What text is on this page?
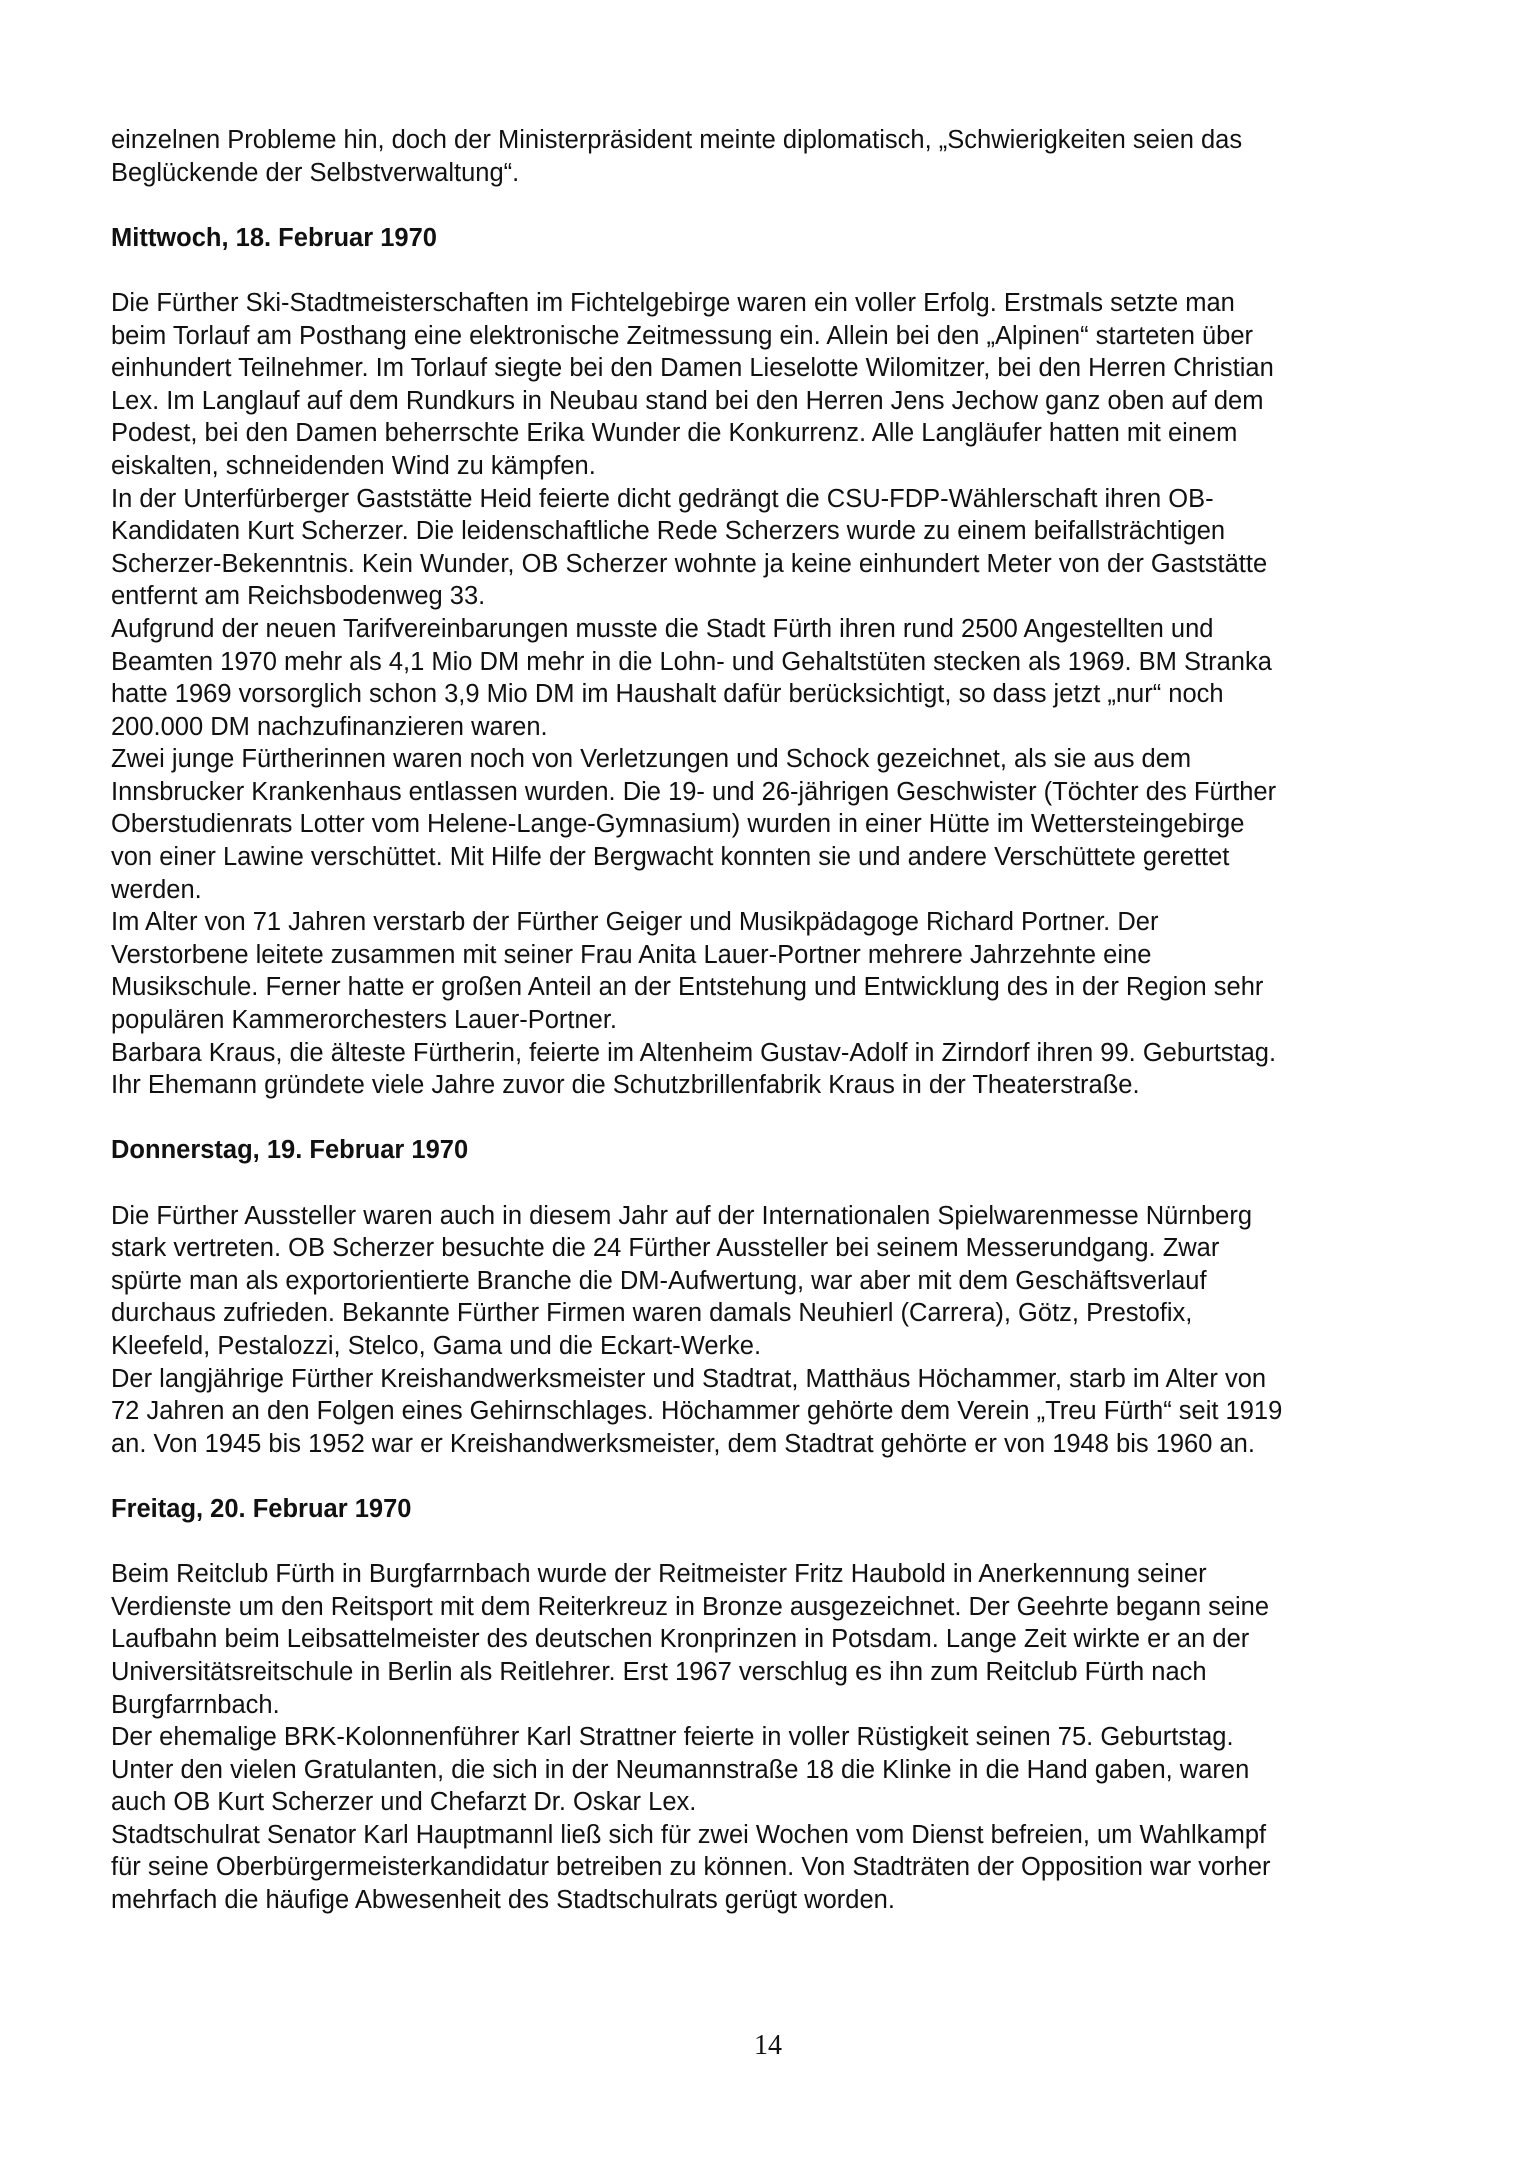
einzelnen Probleme hin, doch der Ministerpräsident meinte diplomatisch, „Schwierigkeiten seien das Beglückende der Selbstverwaltung“.

Mittwoch, 18. Februar 1970

Die Fürther Ski-Stadtmeisterschaften im Fichtelgebirge waren ein voller Erfolg. Erstmals setzte man beim Torlauf am Posthang eine elektronische Zeitmessung ein. Allein bei den „Alpinen“ starteten über einhundert Teilnehmer. Im Torlauf siegte bei den Damen Lieselotte Wilomitzer, bei den Herren Christian Lex. Im Langlauf auf dem Rundkurs in Neubau stand bei den Herren Jens Jechow ganz oben auf dem Podest, bei den Damen beherrschte Erika Wunder die Konkurrenz. Alle Langläufer hatten mit einem eiskalten, schneidenden Wind zu kämpfen.

In der Unterfürberger Gaststätte Heid feierte dicht gedrängt die CSU-FDP-Wählerschaft ihren OB-Kandidaten Kurt Scherzer. Die leidenschaftliche Rede Scherzers wurde zu einem beifallsträchtigen Scherzer-Bekenntnis. Kein Wunder, OB Scherzer wohnte ja keine einhundert Meter von der Gaststätte entfernt am Reichsbodenweg 33.

Aufgrund der neuen Tarifvereinbarungen musste die Stadt Fürth ihren rund 2500 Angestellten und Beamten 1970 mehr als 4,1 Mio DM mehr in die Lohn- und Gehaltstüten stecken als 1969. BM Stranka hatte 1969 vorsorglich schon 3,9 Mio DM im Haushalt dafür berücksichtigt, so dass jetzt „nur“ noch 200.000 DM nachzufinanzieren waren.

Zwei junge Fürtherinnen waren noch von Verletzungen und Schock gezeichnet, als sie aus dem Innsbrucker Krankenhaus entlassen wurden. Die 19- und 26-jährigen Geschwister (Töchter des Fürther Oberstudienrats Lotter vom Helene-Lange-Gymnasium) wurden in einer Hütte im Wettersteingebirge von einer Lawine verschüttet. Mit Hilfe der Bergwacht konnten sie und andere Verschüttete gerettet werden.

Im Alter von 71 Jahren verstarb der Fürther Geiger und Musikpädagoge Richard Portner. Der Verstorbene leitete zusammen mit seiner Frau Anita Lauer-Portner mehrere Jahrzehnte eine Musikschule. Ferner hatte er großen Anteil an der Entstehung und Entwicklung des in der Region sehr populären Kammerorchesters Lauer-Portner.

Barbara Kraus, die älteste Fürtherin, feierte im Altenheim Gustav-Adolf in Zirndorf ihren 99. Geburtstag. Ihr Ehemann gründete viele Jahre zuvor die Schutzbrillenfabrik Kraus in der Theaterstraße.

Donnerstag, 19. Februar 1970

Die Fürther Aussteller waren auch in diesem Jahr auf der Internationalen Spielwarenmesse Nürnberg stark vertreten. OB Scherzer besuchte die 24 Fürther Aussteller bei seinem Messerundgang. Zwar spürte man als exportorientierte Branche die DM-Aufwertung, war aber mit dem Geschäftsverlauf durchaus zufrieden. Bekannte Fürther Firmen waren damals Neuhierl (Carrera), Götz, Prestofix, Kleefeld, Pestalozzi, Stelco, Gama und die Eckart-Werke.

Der langjährige Fürther Kreishandwerksmeister und Stadtrat, Matthäus Höchammer, starb im Alter von 72 Jahren an den Folgen eines Gehirnschlages. Höchammer gehörte dem Verein „Treu Fürth“ seit 1919 an. Von 1945 bis 1952 war er Kreishandwerksmeister, dem Stadtrat gehörte er von 1948 bis 1960 an.

Freitag, 20. Februar 1970

Beim Reitclub Fürth in Burgfarrnbach wurde der Reitmeister Fritz Haubold in Anerkennung seiner Verdienste um den Reitsport mit dem Reiterkreuz in Bronze ausgezeichnet. Der Geehrte begann seine Laufbahn beim Leibsattelmeister des deutschen Kronprinzen in Potsdam. Lange Zeit wirkte er an der Universitätsreitschule in Berlin als Reitlehrer. Erst 1967 verschlug es ihn zum Reitclub Fürth nach Burgfarrnbach.

Der ehemalige BRK-Kolonnenführer Karl Strattner feierte in voller Rüstigkeit seinen 75. Geburtstag. Unter den vielen Gratulanten, die sich in der Neumannstraße 18 die Klinke in die Hand gaben, waren auch OB Kurt Scherzer und Chefarzt Dr. Oskar Lex.

Stadtschulrat Senator Karl Hauptmannl ließ sich für zwei Wochen vom Dienst befreien, um Wahlkampf für seine Oberbürgermeisterkandidatur betreiben zu können. Von Stadträten der Opposition war vorher mehrfach die häufige Abwesenheit des Stadtschulrats gerügt worden.

14
